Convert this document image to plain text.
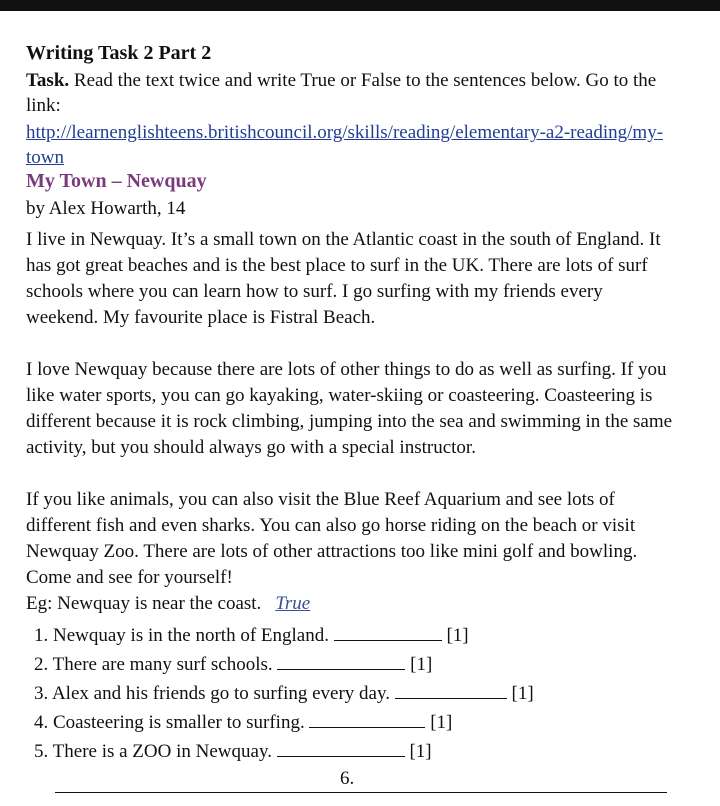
Writing Task 2 Part 2
Task. Read the text twice and write True or False to the sentences below. Go to the link:
http://learnenglishteens.britishcouncil.org/skills/reading/elementary-a2-reading/my-town
My Town – Newquay
by Alex Howarth, 14

I live in Newquay. It’s a small town on the Atlantic coast in the south of England. It has got great beaches and is the best place to surf in the UK. There are lots of surf schools where you can learn how to surf. I go surfing with my friends every weekend. My favourite place is Fistral Beach.

I love Newquay because there are lots of other things to do as well as surfing. If you like water sports, you can go kayaking, water-skiing or coasteering. Coasteering is different because it is rock climbing, jumping into the sea and swimming in the same activity, but you should always go with a special instructor.

If you like animals, you can also visit the Blue Reef Aquarium and see lots of different fish and even sharks. You can also go horse riding on the beach or visit Newquay Zoo. There are lots of other attractions too like mini golf and bowling. Come and see for yourself!

Eg: Newquay is near the coast. True
1. Newquay is in the north of England.	[1]
2. There are many surf schools.	[1]
3. Alex and his friends go to surfing every day.	[1]
4. Coasteering is smaller to surfing.	[1]
5. There is a ZOO in Newquay.	[1]
6.
